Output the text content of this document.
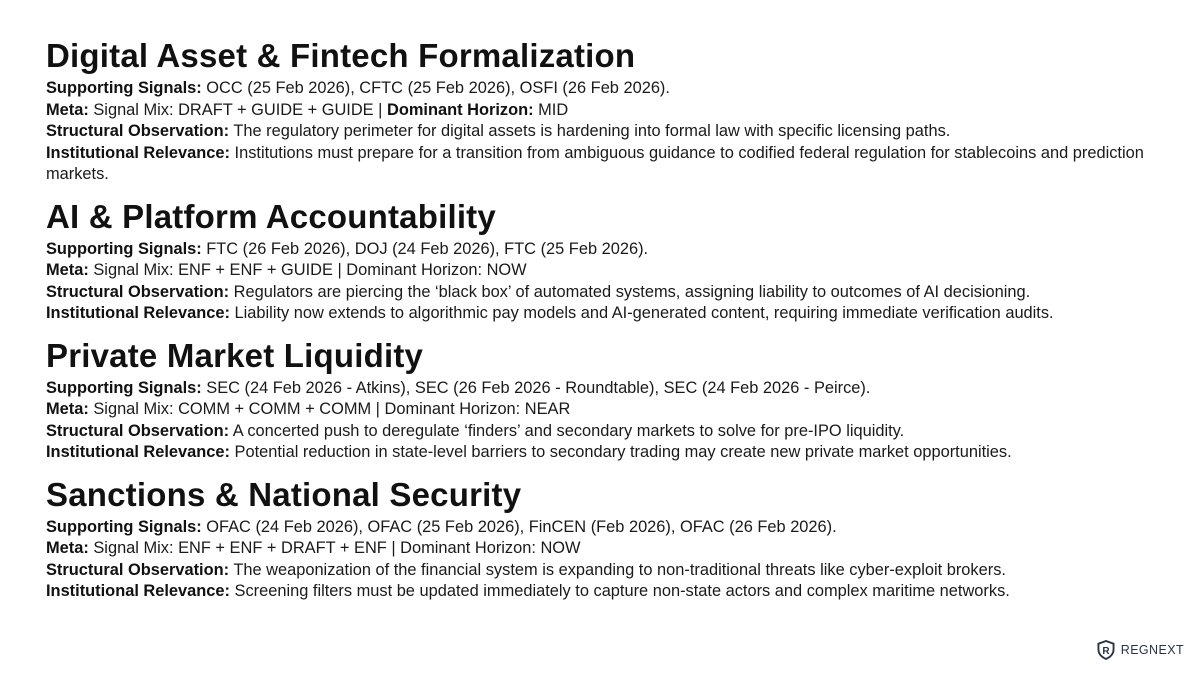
Digital Asset & Fintech Formalization

Supporting Signals: OCC (25 Feb 2026), CFTC (25 Feb 2026), OSFI (26 Feb 2026).

Meta: Signal Mix: DRAFT + GUIDE + GUIDE | Dominant Horizon: MID

Structural Observation: The regulatory perimeter for digital assets is hardening into formal law with specific licensing paths.

Institutional Relevance: Institutions must prepare for a transition from ambiguous guidance to codified federal regulation for stablecoins and prediction markets.

AI & Platform Accountability

Supporting Signals: FTC (26 Feb 2026), DOJ (24 Feb 2026), FTC (25 Feb 2026).

Meta: Signal Mix: ENF + ENF + GUIDE | Dominant Horizon: NOW

Structural Observation: Regulators are piercing the ‘black box’ of automated systems, assigning liability to outcomes of AI decisioning.

Institutional Relevance: Liability now extends to algorithmic pay models and AI-generated content, requiring immediate verification audits.

Private Market Liquidity

Supporting Signals: SEC (24 Feb 2026 - Atkins), SEC (26 Feb 2026 - Roundtable), SEC (24 Feb 2026 - Peirce).

Meta: Signal Mix: COMM + COMM + COMM | Dominant Horizon: NEAR

Structural Observation: A concerted push to deregulate ‘finders’ and secondary markets to solve for pre-IPO liquidity.

Institutional Relevance: Potential reduction in state-level barriers to secondary trading may create new private market opportunities.

Sanctions & National Security

Supporting Signals: OFAC (24 Feb 2026), OFAC (25 Feb 2026), FinCEN (Feb 2026), OFAC (26 Feb 2026).

Meta: Signal Mix: ENF + ENF + DRAFT + ENF | Dominant Horizon: NOW

Structural Observation: The weaponization of the financial system is expanding to non-traditional threats like cyber-exploit brokers.

Institutional Relevance: Screening filters must be updated immediately to capture non-state actors and complex maritime networks.

R REGNEXT
